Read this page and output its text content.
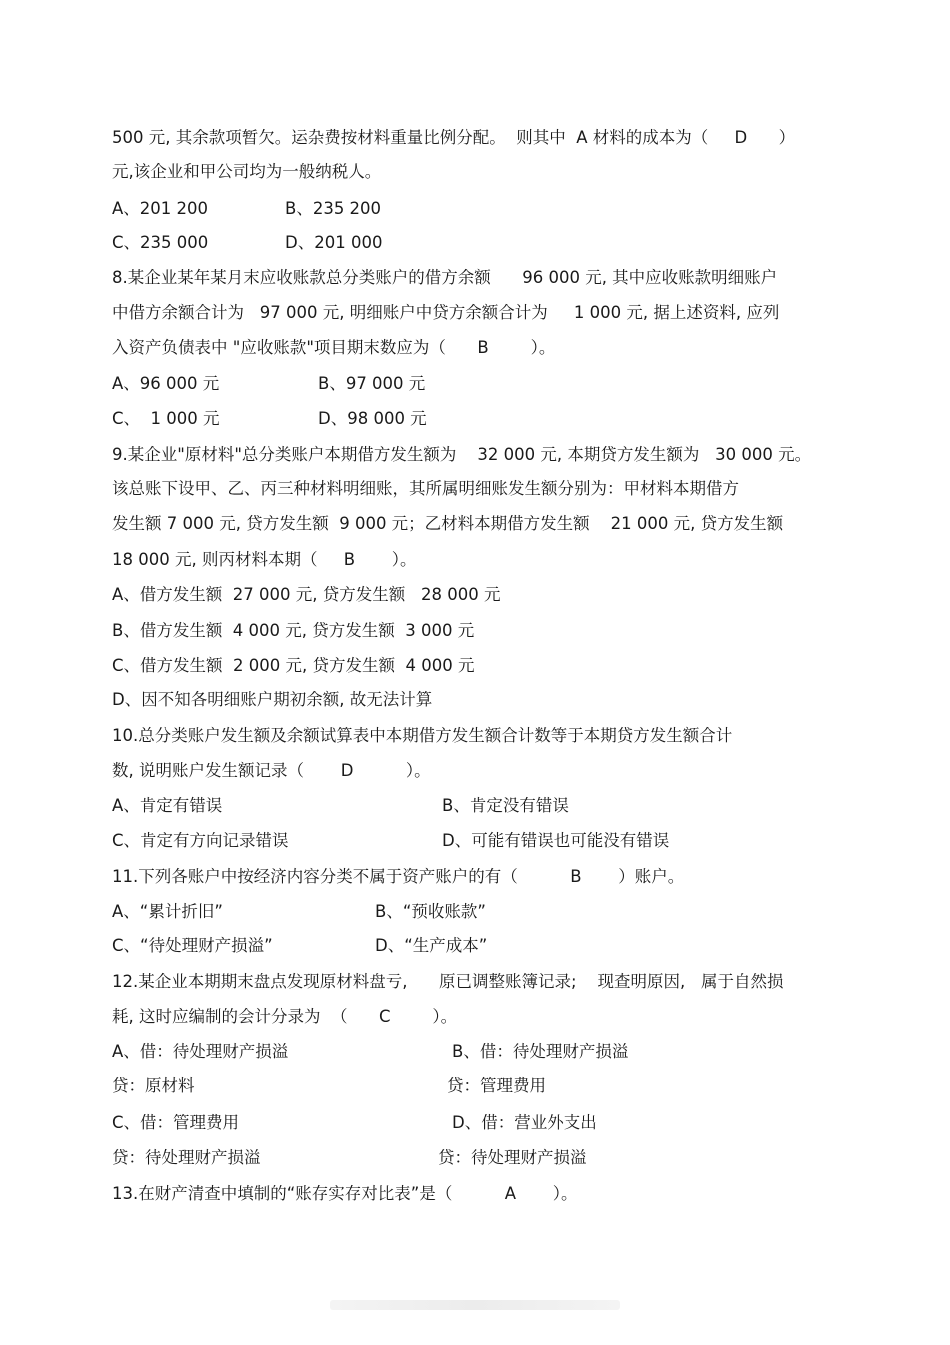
500 元, 其余款项暂欠。运杂费按材料重量比例分配。  则其中  A 材料的成本为（     D      ）
元,该企业和甲公司均为一般纳税人。
A、201 200	B、235 200
C、235 000	D、201 000
8.某企业某年某月末应收账款总分类账户的借方余额      96 000 元, 其中应收账款明细账户
中借方余额合计为   97 000 元, 明细账户中贷方余额合计为     1 000 元, 据上述资料, 应列
入资产负债表中 "应收账款"项目期末数应为（      B        ）。
A、96 000 元	B、97 000 元
C、  1 000 元	D、98 000 元
9.某企业"原材料"总分类账户本期借方发生额为    32 000 元, 本期贷方发生额为   30 000 元。
该总账下设甲、乙、丙三种材料明细账，其所属明细账发生额分别为：甲材料本期借方
发生额 7 000 元, 贷方发生额  9 000 元；乙材料本期借方发生额    21 000 元, 贷方发生额
18 000 元, 则丙材料本期（     B       ）。
A、借方发生额  27 000 元, 贷方发生额   28 000 元
B、借方发生额  4 000 元, 贷方发生额  3 000 元
C、借方发生额  2 000 元, 贷方发生额  4 000 元
D、因不知各明细账户期初余额, 故无法计算
10.总分类账户发生额及余额试算表中本期借方发生额合计数等于本期贷方发生额合计
数, 说明账户发生额记录（       D          ）。
A、肯定有错误	B、肯定没有错误
C、肯定有方向记录错误	D、可能有错误也可能没有错误
11.下列各账户中按经济内容分类不属于资产账户的有（          B       ）账户。
A、“累计折旧”	B、“预收账款”
C、“待处理财产损溢”	D、“生产成本”
12.某企业本期期末盘点发现原材料盘亏,      原已调整账簿记录;    现查明原因,   属于自然损
耗, 这时应编制的会计分录为  （      C        ）。
A、借：待处理财产损溢	B、借：待处理财产损溢
贷：原材料	贷：管理费用
C、借：管理费用	D、借：营业外支出
贷：待处理财产损溢	贷：待处理财产损溢
13.在财产清查中填制的“账存实存对比表”是（          A       ）。
